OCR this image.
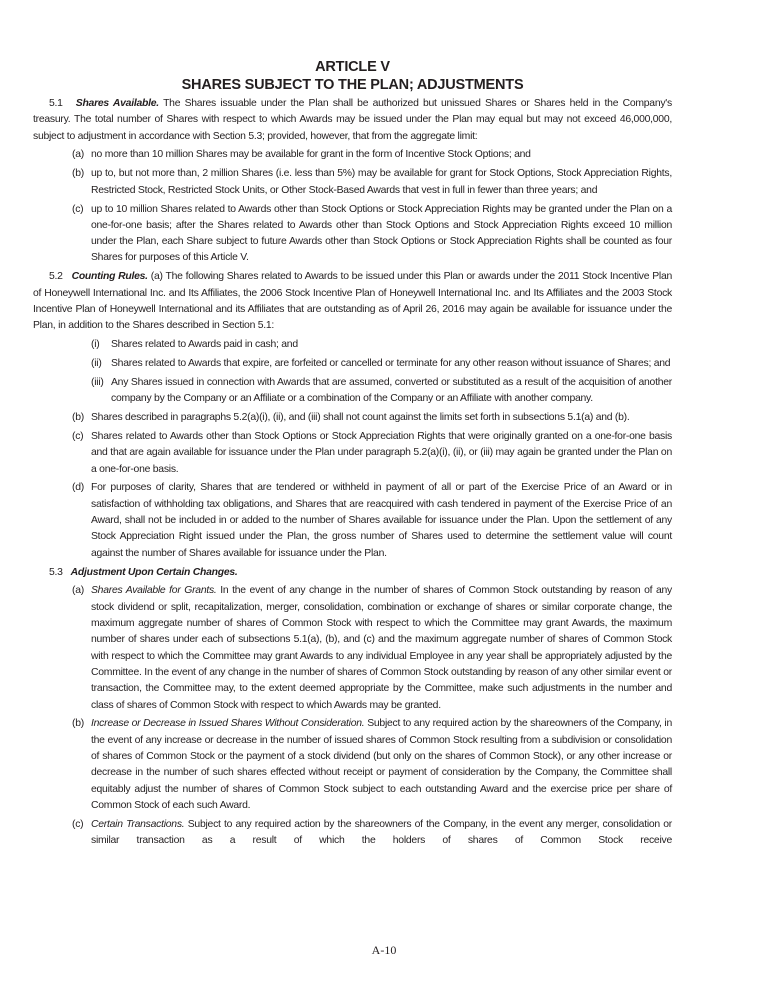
ARTICLE V
SHARES SUBJECT TO THE PLAN; ADJUSTMENTS

5.1 Shares Available. The Shares issuable under the Plan shall be authorized but unissued Shares or Shares held in the Company's treasury. The total number of Shares with respect to which Awards may be issued under the Plan may equal but may not exceed 46,000,000, subject to adjustment in accordance with Section 5.3; provided, however, that from the aggregate limit:

(a) no more than 10 million Shares may be available for grant in the form of Incentive Stock Options; and

(b) up to, but not more than, 2 million Shares (i.e. less than 5%) may be available for grant for Stock Options, Stock Appreciation Rights, Restricted Stock, Restricted Stock Units, or Other Stock-Based Awards that vest in full in fewer than three years; and

(c) up to 10 million Shares related to Awards other than Stock Options or Stock Appreciation Rights may be granted under the Plan on a one-for-one basis; after the Shares related to Awards other than Stock Options and Stock Appreciation Rights exceed 10 million under the Plan, each Share subject to future Awards other than Stock Options or Stock Appreciation Rights shall be counted as four Shares for purposes of this Article V.

5.2 Counting Rules. (a) The following Shares related to Awards to be issued under this Plan or awards under the 2011 Stock Incentive Plan of Honeywell International Inc. and Its Affiliates, the 2006 Stock Incentive Plan of Honeywell International Inc. and Its Affiliates and the 2003 Stock Incentive Plan of Honeywell International and its Affiliates that are outstanding as of April 26, 2016 may again be available for issuance under the Plan, in addition to the Shares described in Section 5.1:

(i) Shares related to Awards paid in cash; and

(ii) Shares related to Awards that expire, are forfeited or cancelled or terminate for any other reason without issuance of Shares; and

(iii) Any Shares issued in connection with Awards that are assumed, converted or substituted as a result of the acquisition of another company by the Company or an Affiliate or a combination of the Company or an Affiliate with another company.

(b) Shares described in paragraphs 5.2(a)(i), (ii), and (iii) shall not count against the limits set forth in subsections 5.1(a) and (b).

(c) Shares related to Awards other than Stock Options or Stock Appreciation Rights that were originally granted on a one-for-one basis and that are again available for issuance under the Plan under paragraph 5.2(a)(i), (ii), or (iii) may again be granted under the Plan on a one-for-one basis.

(d) For purposes of clarity, Shares that are tendered or withheld in payment of all or part of the Exercise Price of an Award or in satisfaction of withholding tax obligations, and Shares that are reacquired with cash tendered in payment of the Exercise Price of an Award, shall not be included in or added to the number of Shares available for issuance under the Plan. Upon the settlement of any Stock Appreciation Right issued under the Plan, the gross number of Shares used to determine the settlement value will count against the number of Shares available for issuance under the Plan.

5.3 Adjustment Upon Certain Changes.

(a) Shares Available for Grants. In the event of any change in the number of shares of Common Stock outstanding by reason of any stock dividend or split, recapitalization, merger, consolidation, combination or exchange of shares or similar corporate change, the maximum aggregate number of shares of Common Stock with respect to which the Committee may grant Awards, the maximum number of shares under each of subsections 5.1(a), (b), and (c) and the maximum aggregate number of shares of Common Stock with respect to which the Committee may grant Awards to any individual Employee in any year shall be appropriately adjusted by the Committee. In the event of any change in the number of shares of Common Stock outstanding by reason of any other similar event or transaction, the Committee may, to the extent deemed appropriate by the Committee, make such adjustments in the number and class of shares of Common Stock with respect to which Awards may be granted.

(b) Increase or Decrease in Issued Shares Without Consideration. Subject to any required action by the shareowners of the Company, in the event of any increase or decrease in the number of issued shares of Common Stock resulting from a subdivision or consolidation of shares of Common Stock or the payment of a stock dividend (but only on the shares of Common Stock), or any other increase or decrease in the number of such shares effected without receipt or payment of consideration by the Company, the Committee shall equitably adjust the number of shares of Common Stock subject to each outstanding Award and the exercise price per share of Common Stock of each such Award.

(c) Certain Transactions. Subject to any required action by the shareowners of the Company, in the event any merger, consolidation or similar transaction as a result of which the holders of shares of Common Stock receive

A-10
